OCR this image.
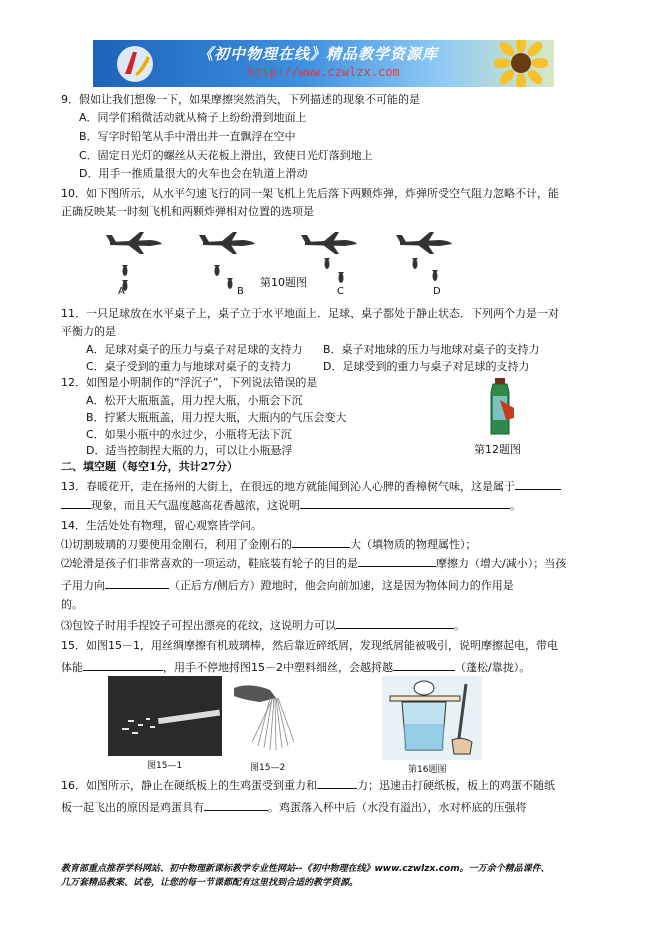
《初中物理在线》精品教学资源库
http://www.czwlzx.com
9．假如让我们想像一下，如果摩擦突然消失，下列描述的现象不可能的是
A．同学们稍微活动就从椅子上纷纷滑到地面上
B．写字时铅笔从手中滑出并一直飘浮在空中
C．固定日光灯的螺丝从天花板上滑出，致使日光灯落到地上
D．用手一推质量很大的火车也会在轨道上滑动
10．如下图所示，从水平匀速飞行的同一架飞机上先后落下两颗炸弹，炸弹所受空气阻力忽略不计，能
正确反映某一时刻飞机和两颗炸弹相对位置的选项是
A	B	C	D
第10题图
11．一只足球放在水平桌子上，桌子立于水平地面上．足球、桌子都处于静止状态．下列两个力是一对
平衡力的是
A．足球对桌子的压力与桌子对足球的支持力 B．桌子对地球的压力与地球对桌子的支持力
C．桌子受到的重力与地球对桌子的支持力	D．足球受到的重力与桌子对足球的支持力
12．如图是小明制作的“浮沉子”，下列说法错误的是
A．松开大瓶瓶盖，用力捏大瓶，小瓶会下沉
B．拧紧大瓶瓶盖，用力捏大瓶，大瓶内的气压会变大
C．如果小瓶中的水过少，小瓶将无法下沉
D．适当控制捏大瓶的力，可以让小瓶悬浮	第12题图
二、填空题（每空1分，共计27分）
13．春暖花开，走在扬州的大街上，在很远的地方就能闻到沁人心脾的香樟树气味，这是属于
现象，而且天气温度越高花香越浓，这说明	。
14．生活处处有物理，留心观察皆学问。
⑴切割玻璃的刀要使用金刚石，利用了金刚石的	大（填物质的物理属性）；
⑵轮滑是孩子们非常喜欢的一项运动，鞋底装有轮子的目的是	摩擦力（增大/减小）；当孩
子用力向	（正后方/侧后方）蹬地时，他会向前加速，这是因为物体间力的作用是
的。
⑶包饺子时用手捏饺子可捏出漂亮的花纹，这说明力可以	。
15．如图15－1，用丝绸摩擦有机玻璃棒，然后靠近碎纸屑，发现纸屑能被吸引，说明摩擦起电，带电
体能	，用手不停地捋图15－2中塑料细丝，会越捋越	（蓬松/靠拢）。
图15—1	图15—2	第16题图
16．如图所示，静止在硬纸板上的生鸡蛋受到重力和	力；迅速击打硬纸板，板上的鸡蛋不随纸
板一起飞出的原因是鸡蛋具有	。鸡蛋落入杯中后（水没有溢出），水对杯底的压强将
教育部重点推荐学科网站、初中物理新课标教学专业性网站--《初中物理在线》www.czwlzx.com。一万余个精品课件、
几万套精品教案、试卷，让您的每一节课都配有这里找到合适的教学资源。
